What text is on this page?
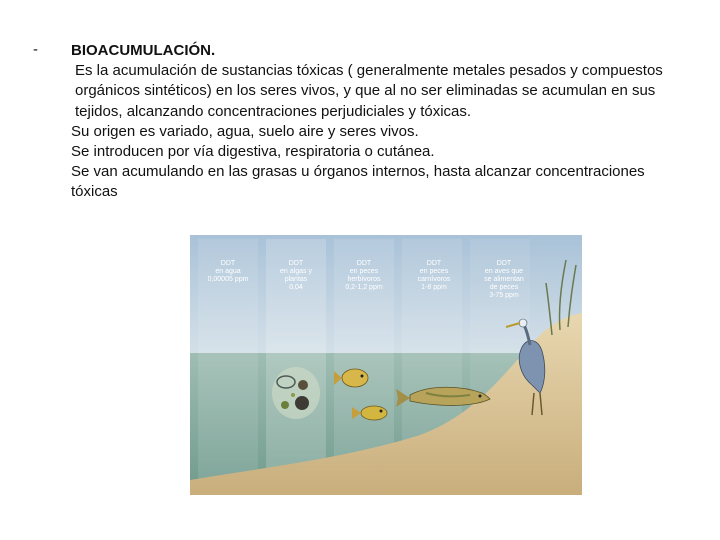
- BIOACUMULACIÓN.
Es la acumulación de sustancias tóxicas ( generalmente metales pesados y compuestos orgánicos sintéticos) en los seres vivos, y que al no ser eliminadas se acumulan en sus tejidos, alcanzando concentraciones perjudiciales y tóxicas.
Su origen es variado, agua, suelo aire y seres vivos.
Se introducen por vía digestiva, respiratoria o cutánea.
Se van acumulando en las grasas u órganos internos, hasta alcanzar concentraciones tóxicas
DDT en agua 0,00005 ppm
DDT en algas y plantas 0,04
DDT en peces herbívoros 0,2-1,2 ppm
DDT en peces carnívoros 1-8 ppm
DDT en aves que se alimentan de peces 3-75 ppm
